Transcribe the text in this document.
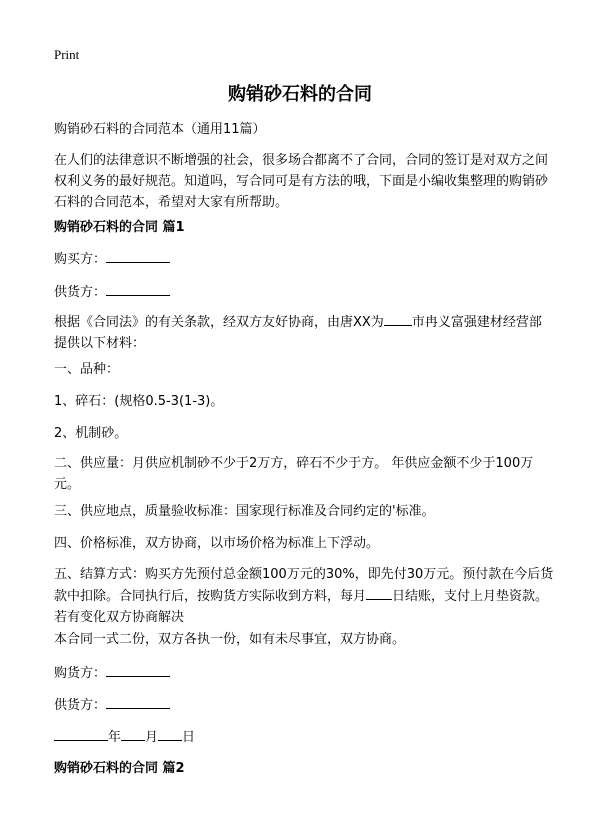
Print
购销砂石料的合同

购销砂石料的合同范本（通用11篇）

在人们的法律意识不断增强的社会，很多场合都离不了合同，合同的签订是对双方之间权利义务的最好规范。知道吗，写合同可是有方法的哦，下面是小编收集整理的购销砂石料的合同范本，希望对大家有所帮助。

购销砂石料的合同 篇1

购买方：

供货方：

根据《合同法》的有关条款，经双方友好协商，由唐XX为 市冉义富强建材经营部提供以下材料：

一、品种：

1、碎石：(规格0.5-3(1-3)。

2、机制砂。

二、供应量：月供应机制砂不少于2万方，碎石不少于方。 年供应金额不少于100万元。

三、供应地点，质量验收标准：国家现行标准及合同约定的'标准。

四、价格标准，双方协商，以市场价格为标准上下浮动。

五、结算方式：购买方先预付总金额100万元的30%，即先付30万元。预付款在今后货款中扣除。合同执行后，按购货方实际收到方料，每月 日结账，支付上月垫资款。若有变化双方协商解决

本合同一式二份，双方各执一份，如有未尽事宜，双方协商。

购货方：

供货方：

年 月 日

购销砂石料的合同 篇2
